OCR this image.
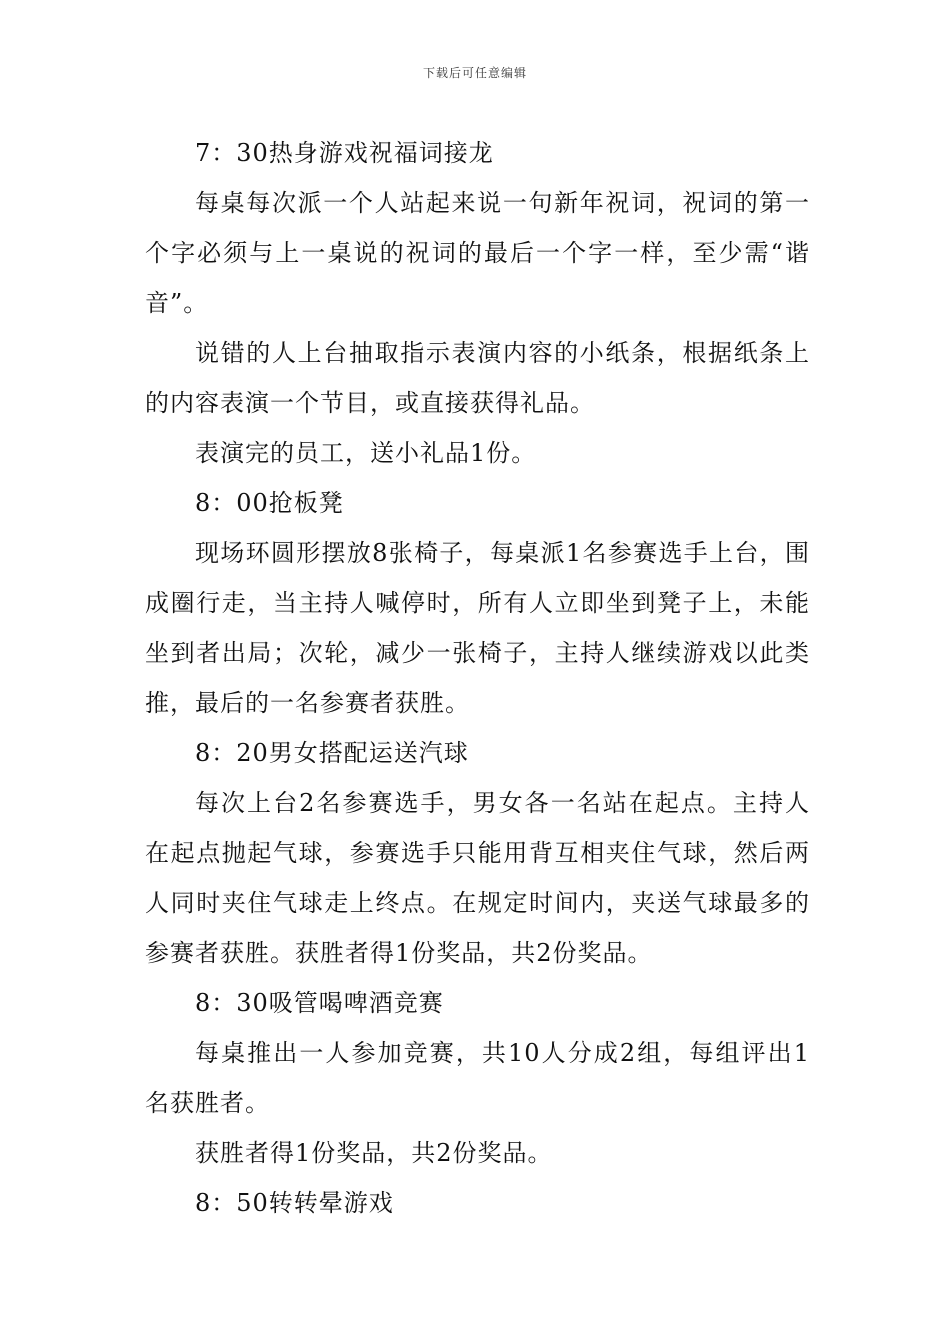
下载后可任意编辑

7：30热身游戏祝福词接龙

每桌每次派一个人站起来说一句新年祝词，祝词的第一个字必须与上一桌说的祝词的最后一个字一样，至少需“谐音”。

说错的人上台抽取指示表演内容的小纸条，根据纸条上的内容表演一个节目，或直接获得礼品。

表演完的员工，送小礼品1份。

8：00抢板凳

现场环圆形摆放8张椅子，每桌派1名参赛选手上台，围成圈行走，当主持人喊停时，所有人立即坐到凳子上，未能坐到者出局；次轮，减少一张椅子，主持人继续游戏以此类推，最后的一名参赛者获胜。

8：20男女搭配运送汽球

每次上台2名参赛选手，男女各一名站在起点。主持人在起点抛起气球，参赛选手只能用背互相夹住气球，然后两人同时夹住气球走上终点。在规定时间内，夹送气球最多的参赛者获胜。获胜者得1份奖品，共2份奖品。

8：30吸管喝啤酒竞赛

每桌推出一人参加竞赛，共10人分成2组，每组评出1名获胜者。

获胜者得1份奖品，共2份奖品。

8：50转转晕游戏
